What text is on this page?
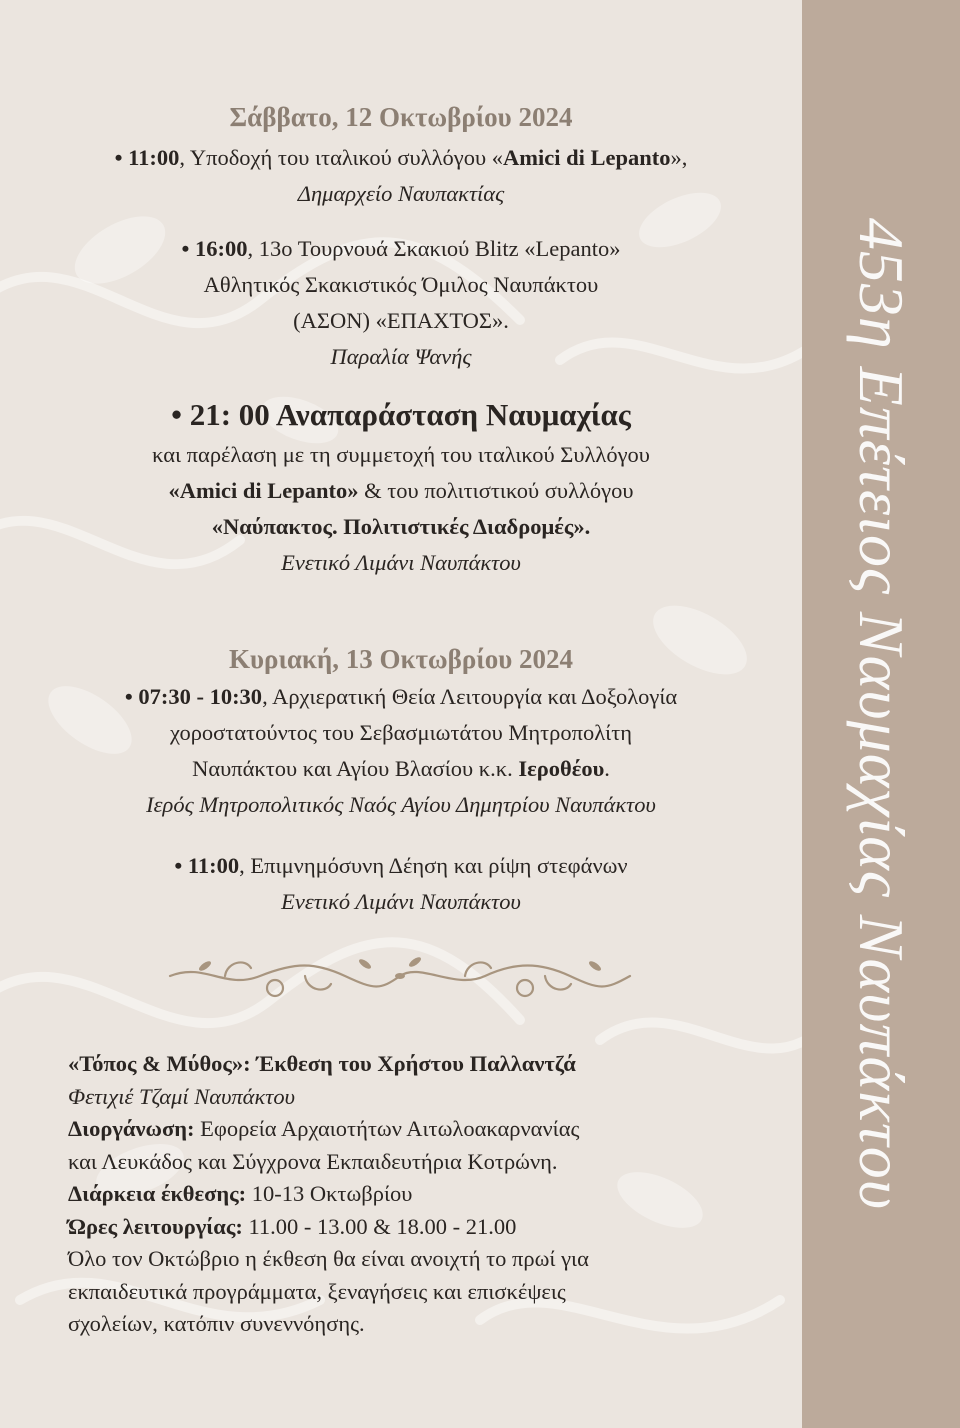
Σάββατο, 12 Οκτωβρίου 2024
• 11:00, Υποδοχή του ιταλικού συλλόγου «Amici di Lepanto»,
Δημαρχείο Ναυπακτίας
• 16:00, 13ο Τουρνουά Σκακιού Blitz «Lepanto»
Αθλητικός Σκακιστικός Όμιλος Ναυπάκτου
(ΑΣΟΝ) «ΕΠΑΧΤΟΣ».
Παραλία Ψανής
• 21: 00 Αναπαράσταση Ναυμαχίας
και παρέλαση με τη συμμετοχή του ιταλικού Συλλόγου
«Amici di Lepanto» & του πολιτιστικού συλλόγου
«Ναύπακτος. Πολιτιστικές Διαδρομές».
Ενετικό Λιμάνι Ναυπάκτου
Κυριακή, 13 Οκτωβρίου 2024
• 07:30 - 10:30, Αρχιερατική Θεία Λειτουργία και Δοξολογία
χοροστατούντος του Σεβασμιωτάτου Μητροπολίτη
Ναυπάκτου και Αγίου Βλασίου κ.κ. Ιεροθέου.
Ιερός Μητροπολιτικός Ναός Αγίου Δημητρίου Ναυπάκτου
• 11:00, Επιμνημόσυνη Δέηση και ρίψη στεφάνων
Ενετικό Λιμάνι Ναυπάκτου
«Τόπος & Μύθος»: Έκθεση του Χρήστου Παλλαντζά
Φετιχιέ Τζαμί Ναυπάκτου
Διοργάνωση: Εφορεία Αρχαιοτήτων Αιτωλοακαρνανίας
και Λευκάδος και Σύγχρονα Εκπαιδευτήρια Κοτρώνη.
Διάρκεια έκθεσης: 10-13 Οκτωβρίου
Ώρες λειτουργίας: 11.00 - 13.00 & 18.00 - 21.00
Όλο τον Οκτώβριο η έκθεση θα είναι ανοιχτή το πρωί για
εκπαιδευτικά προγράμματα, ξεναγήσεις και επισκέψεις
σχολείων, κατόπιν συνεννόησης.
453η Επέτειος Ναυμαχίας Ναυπάκτου
